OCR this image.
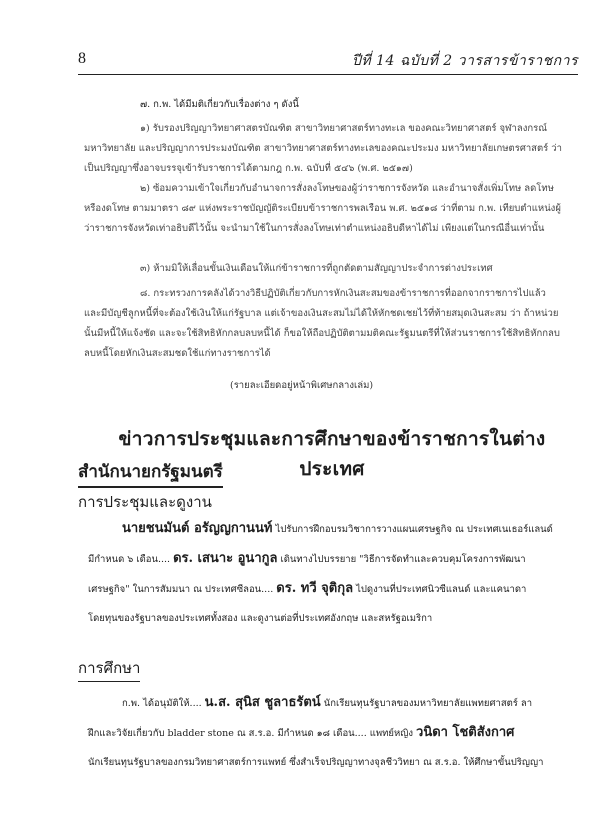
8	ปีที่ 14 ฉบับที่ 2 วารสารข้าราชการ
๗. ก.พ. ได้มีมติเกี่ยวกับเรื่องต่าง ๆ ดังนี้
๑) รับรองปริญญาวิทยาศาสตรบัณฑิต สาขาวิทยาศาสตร์ทางทะเล ของคณะวิทยาศาสตร์ จุฬาลงกรณ์มหาวิทยาลัย และปริญญาการประมงบัณฑิต สาขาวิทยาศาสตร์ทางทะเลของคณะประมง มหาวิทยาลัยเกษตรศาสตร์ ว่าเป็นปริญญาซึ่งอาจบรรจุเข้ารับราชการได้ตามกฎ ก.พ. ฉบับที่ ๕๔๖ (พ.ศ. ๒๕๑๗)
๒) ซ้อมความเข้าใจเกี่ยวกับอำนาจการสั่งลงโทษของผู้ว่าราชการจังหวัด และอำนาจสั่งเพิ่มโทษ ลดโทษ หรืองดโทษ ตามมาตรา ๘๙ แห่งพระราชบัญญัติระเบียบข้าราชการพลเรือน พ.ศ. ๒๕๑๘ ว่าที่ตาม ก.พ. เทียบตำแหน่งผู้ว่าราชการจังหวัดเท่าอธิบดีไว้นั้น จะนำมาใช้ในการสั่งลงโทษเท่าตำแหน่งอธิบดีหาได้ไม่ เพียงแต่ในกรณีอื่นเท่านั้น
๓) ห้ามมิให้เลื่อนขั้นเงินเดือนให้แก่ข้าราชการที่ถูกตัดตามสัญญาประจำการต่างประเทศ
๘. กระทรวงการคลังได้วางวิธีปฏิบัติเกี่ยวกับการหักเงินสะสมของข้าราชการที่ออกจากราชการไปแล้ว และมีบัญชีลูกหนี้ที่จะต้องใช้เงินให้แก่รัฐบาล แต่เจ้าของเงินสะสมไม่ได้ให้หักชดเชยไว้ที่ท้ายสมุดเงินสะสม ว่า ถ้าหน่วยนั้นมีหนี้ให้แจ้งชัด และจะใช้สิทธิหักกลบลบหนี้ได้ ก็ขอให้ถือปฏิบัติตามมติคณะรัฐมนตรีที่ให้ส่วนราชการใช้สิทธิหักกลบลบหนี้โดยหักเงินสะสมชดใช้แก่ทางราชการได้
(รายละเอียดอยู่หน้าพิเศษกลางเล่ม)
ข่าวการประชุมและการศึกษาของข้าราชการในต่างประเทศ
สำนักนายกรัฐมนตรี
การประชุมและดูงาน
นายชนมันต์ อรัญญกานนท์ ไปรับการฝึกอบรมวิชาการวางแผนเศรษฐกิจ ณ ประเทศเนเธอร์แลนด์
มีกำหนด ๖ เดือน.... ดร. เสนาะ อูนากูล เดินทางไปบรรยาย "วิธีการจัดทำและควบคุมโครงการพัฒนา
เศรษฐกิจ" ในการสัมมนา ณ ประเทศซีลอน.... ดร. ทวี จุติกุล ไปดูงานที่ประเทศนิวซีแลนด์ และแคนาดา
โดยทุนของรัฐบาลของประเทศทั้งสอง และดูงานต่อที่ประเทศอังกฤษ และสหรัฐอเมริกา
การศึกษา
ก.พ. ได้อนุมัติให้.... น.ส. สุนิส ชูลาธรัตน์ นักเรียนทุนรัฐบาลของมหาวิทยาลัยแพทยศาสตร์ ลา
ฝึกและวิจัยเกี่ยวกับ bladder stone ณ ส.ร.อ. มีกำหนด ๑๘ เดือน.... แพทย์หญิง วนิดา โชติสังกาศ
นักเรียนทุนรัฐบาลของกรมวิทยาศาสตร์การแพทย์ ซึ่งสำเร็จปริญญาทางจุลชีววิทยา ณ ส.ร.อ. ให้ศึกษาขั้นปริญญา
